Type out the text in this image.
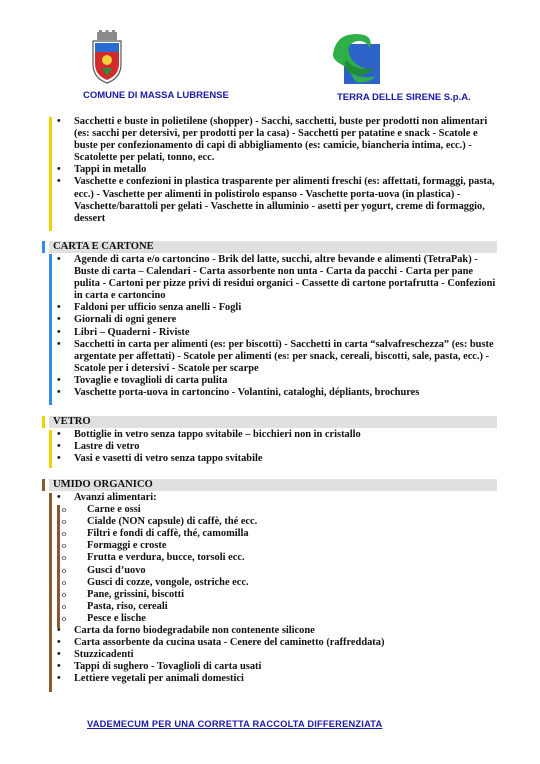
COMUNE DI MASSA LUBRENSE	TERRA DELLE SIRENE S.p.A.
• Sacchetti e buste in polietilene (shopper) - Sacchi, sacchetti, buste per prodotti non alimentari (es: sacchi per detersivi, per prodotti per la casa) - Sacchetti per patatine e snack - Scatole e buste per confezionamento di capi di abbigliamento (es: camicie, biancheria intima, ecc.) - Scatolette per pelati, tonno, ecc.
• Tappi in metallo
• Vaschette e confezioni in plastica trasparente per alimenti freschi (es: affettati, formaggi, pasta, ecc.) - Vaschette per alimenti in polistirolo espanso - Vaschette porta-uova (in plastica) - Vaschette/barattoli per gelati - Vaschette in alluminio - asetti per yogurt, creme di formaggio, dessert
CARTA E CARTONE
• Agende di carta e/o cartoncino - Brik del latte, succhi, altre bevande e alimenti (TetraPak) - Buste di carta – Calendari - Carta assorbente non unta - Carta da pacchi - Carta per pane pulita - Cartoni per pizze privi di residui organici - Cassette di cartone portafrutta - Confezioni in carta e cartoncino
• Faldoni per ufficio senza anelli - Fogli
• Giornali di ogni genere
• Libri – Quaderni - Riviste
• Sacchetti in carta per alimenti (es: per biscotti) - Sacchetti in carta “salvafreschezza” (es: buste argentate per affettati) - Scatole per alimenti (es: per snack, cereali, biscotti, sale, pasta, ecc.) - Scatole per i detersivi - Scatole per scarpe
• Tovaglie e tovaglioli di carta pulita
• Vaschette porta-uova in cartoncino - Volantini, cataloghi, dépliants, brochures
VETRO
• Bottiglie in vetro senza tappo svitabile – bicchieri non in cristallo
• Lastre di vetro
• Vasi e vasetti di vetro senza tappo svitabile
UMIDO ORGANICO
• Avanzi alimentari:
o Carne e ossi
o Cialde (NON capsule) di caffè, thé ecc.
o Filtri e fondi di caffè, thé, camomilla
o Formaggi e croste
o Frutta e verdura, bucce, torsoli ecc.
o Gusci d’uovo
o Gusci di cozze, vongole, ostriche ecc.
o Pane, grissini, biscotti
o Pasta, riso, cereali
o Pesce e lische
• Carta da forno biodegradabile non contenente silicone
• Carta assorbente da cucina usata - Cenere del caminetto (raffreddata)
• Stuzzicadenti
• Tappi di sughero - Tovaglioli di carta usati
• Lettiere vegetali per animali domestici
VADEMECUM PER UNA CORRETTA RACCOLTA DIFFERENZIATA
